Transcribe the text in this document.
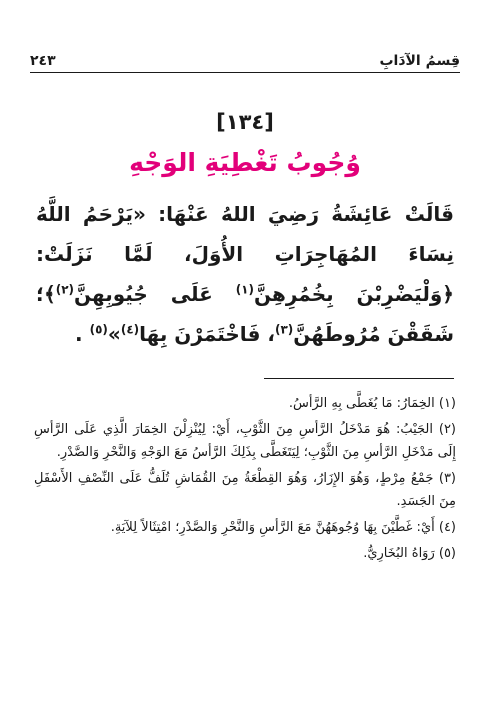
٢٤٣	قِسمُ الآدَابِ
[١٣٤]
وُجُوبُ تَغْطِيَةِ الوَجْهِ
قَالَتْ عَائِشَةُ رَضِيَ اللهُ عَنْهَا: «يَرْحَمُ اللَّهُ نِسَاءَ المُهَاجِرَاتِ الأُوَلَ، لَمَّا نَزَلَتْ: ﴿وَلْيَضْرِبْنَ بِخُمُرِهِنَّ$^{(١)}$ عَلَى جُيُوبِهِنَّ$^{(٢)}$﴾؛ شَقَقْنَ مُرُوطَهُنَّ$^{(٣)}$، فَاخْتَمَرْنَ بِهَا$^{(٤)}$»$^{(٥)}$ .

(١) الخِمَارُ: مَا يُغَطَّى بِهِ الرَّأسُ.

(٢) الجَيْبُ: هُوَ مَدْخَلُ الرَّأسِ مِنَ الثَّوْبِ، أَيْ: لِيُنْزِلْنَ الخِمَارَ الَّذِي عَلَى الرَّأسِ إِلَى مَدْخَلِ الرَّأسِ مِنَ الثَّوْبِ؛ لِيَتَغَطَّى بِذَلِكَ الرَّأسُ مَعَ الوَجْهِ وَالنَّحْرِ وَالصَّدْرِ.

(٣) جَمْعُ مِرْطٍ، وَهُوَ الإِزَارُ، وَهُوَ القِطْعَةُ مِنَ القُمَاشِ تُلَفُّ عَلَى النِّصْفِ الأَسْفَلِ مِنَ الجَسَدِ.

(٤) أَيْ: غَطَّيْنَ بِهَا وُجُوهَهُنَّ مَعَ الرَّأسِ وَالنَّحْرِ وَالصَّدْرِ؛ امْتِثَالاً لِلآيَةِ.

(٥) رَوَاهُ البُخَارِيُّ.
